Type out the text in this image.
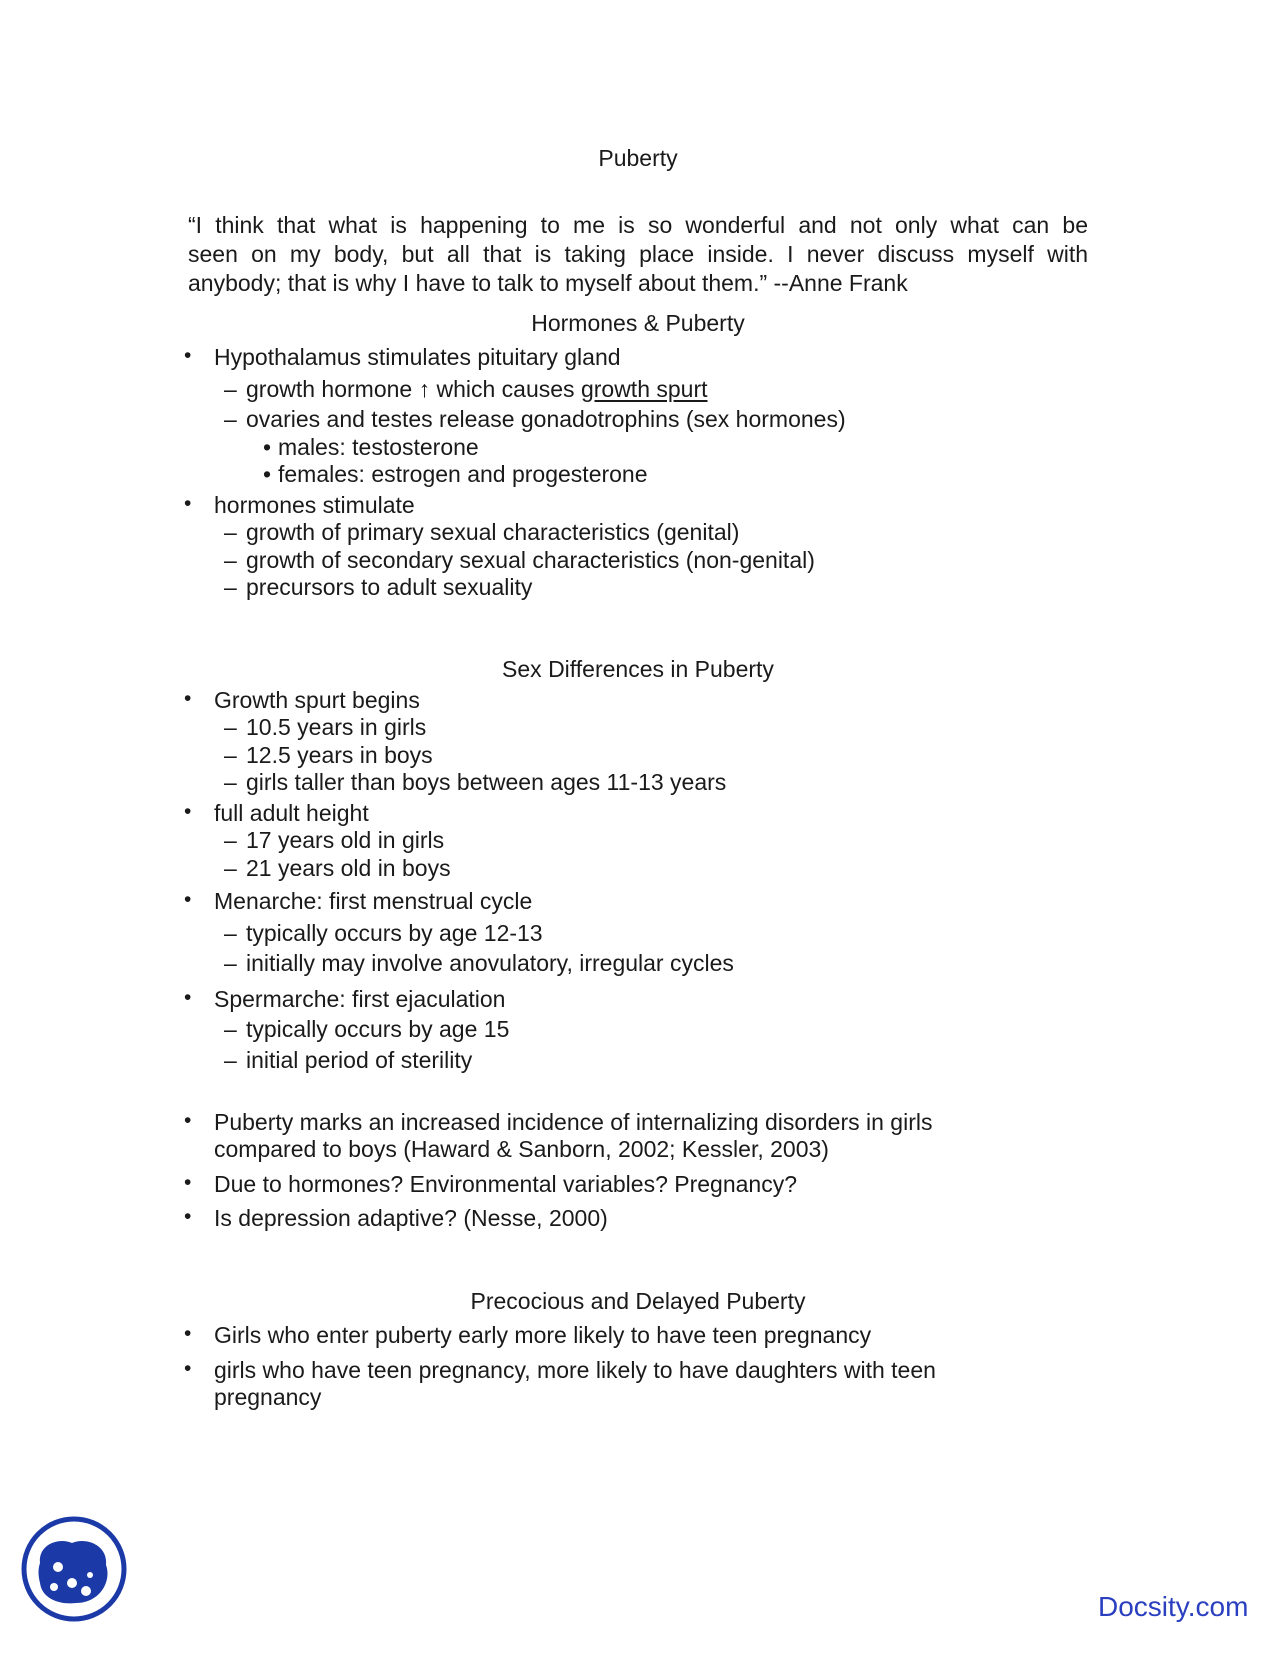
Puberty
“I think that what is happening to me is so wonderful and not only what can be
seen on my body, but all that is taking place inside. I never discuss myself with
anybody; that is why I have to talk to myself about them.” --Anne Frank
Hormones & Puberty
• Hypothalamus stimulates pituitary gland
– growth hormone ↑ which causes growth spurt
– ovaries and testes release gonadotrophins (sex hormones)
• males: testosterone
• females: estrogen and progesterone
• hormones stimulate
– growth of primary sexual characteristics (genital)
– growth of secondary sexual characteristics (non-genital)
– precursors to adult sexuality
Sex Differences in Puberty
• Growth spurt begins
– 10.5 years in girls
– 12.5 years in boys
– girls taller than boys between ages 11-13 years
• full adult height
– 17 years old in girls
– 21 years old in boys
• Menarche: first menstrual cycle
– typically occurs by age 12-13
– initially may involve anovulatory, irregular cycles
• Spermarche: first ejaculation
– typically occurs by age 15
– initial period of sterility
• Puberty marks an increased incidence of internalizing disorders in girls
compared to boys (Haward & Sanborn, 2002; Kessler, 2003)
• Due to hormones? Environmental variables? Pregnancy?
• Is depression adaptive? (Nesse, 2000)
Precocious and Delayed Puberty
• Girls who enter puberty early more likely to have teen pregnancy
• girls who have teen pregnancy, more likely to have daughters with teen
pregnancy
Docsity.com
